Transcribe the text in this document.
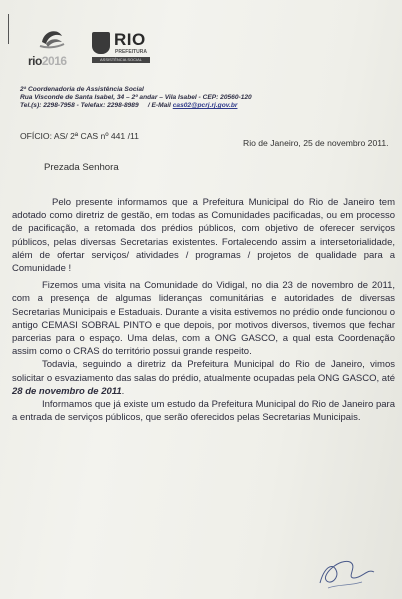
rio2016
RIO
PREFEITURA
ASSISTÊNCIA SOCIAL
2ª Coordenadoria de Assistência Social
Rua Visconde de Santa Isabel, 34 – 2º andar – Vila Isabel - CEP: 20560-120
Tel.(s): 2298-7958 - Telefax: 2298-8989 / E-Mail cas02@pcrj.rj.gov.br
OFÍCIO: AS/ 2ª CAS nº 441 /11
Rio de Janeiro, 25 de novembro 2011.
Prezada Senhora
Pelo presente informamos que a Prefeitura Municipal do Rio de Janeiro tem adotado como diretriz de gestão, em todas as Comunidades pacificadas, ou em processo de pacificação, a retomada dos prédios públicos, com objetivo de oferecer serviços públicos, pelas diversas Secretarias existentes. Fortalecendo assim a intersetorialidade, além de ofertar serviços/ atividades / programas / projetos de qualidade para a Comunidade !
Fizemos uma visita na Comunidade do Vidigal, no dia 23 de novembro de 2011, com a presença de algumas lideranças comunitárias e autoridades de diversas Secretarias Municipais e Estaduais. Durante a visita estivemos no prédio onde funcionou o antigo CEMASI SOBRAL PINTO e que depois, por motivos diversos, tivemos que fechar parcerias para o espaço. Uma delas, com a ONG GASCO, a qual esta Coordenação assim como o CRAS do território possui grande respeito.
Todavia, seguindo a diretriz da Prefeitura Municipal do Rio de Janeiro, vimos solicitar o esvaziamento das salas do prédio, atualmente ocupadas pela ONG GASCO, até 28 de novembro de 2011.
Informamos que já existe um estudo da Prefeitura Municipal do Rio de Janeiro para a entrada de serviços públicos, que serão oferecidos pelas Secretarias Municipais.
